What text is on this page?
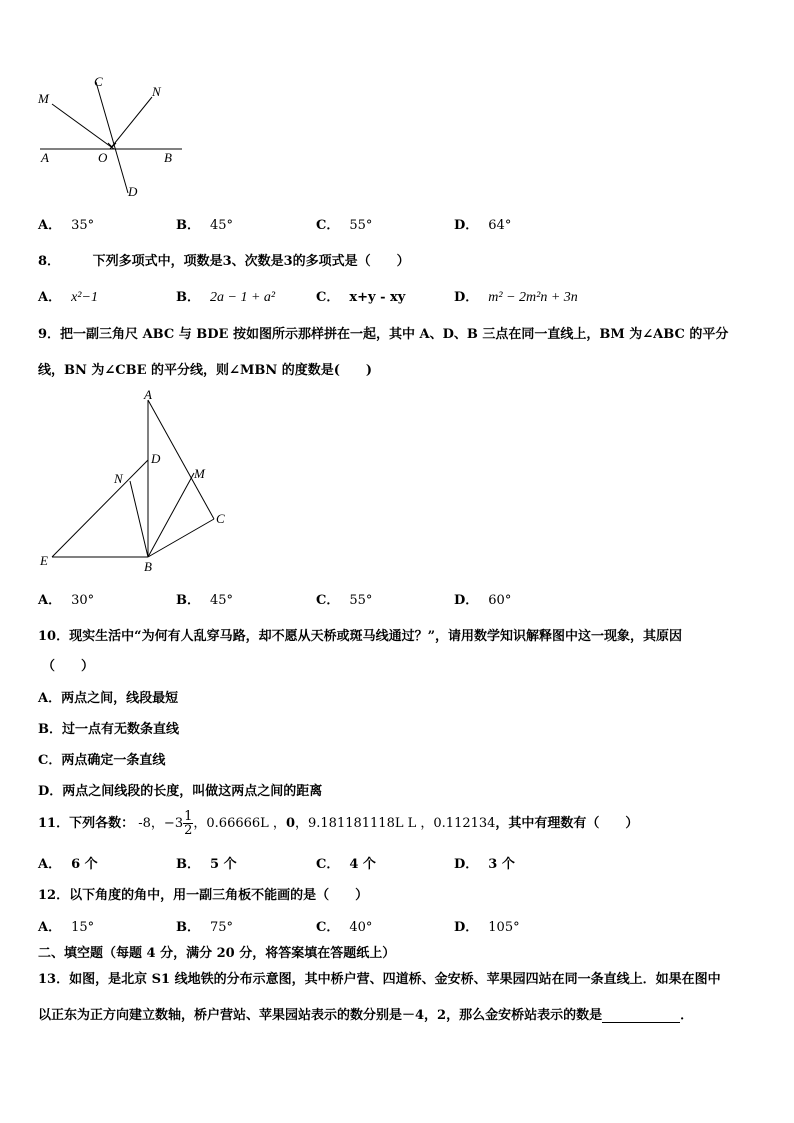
M
C
N
A	O	B
D
A． 35°	B． 45°	C． 55°	D． 64°
8．	下列多项式中，项数是3、次数是3的多项式是（　　）
A． x²−1	B． 2a − 1 + a²	C． x+y - xy	D． m² − 2m²n + 3n
9．把一副三角尺 ABC 与 BDE 按如图所示那样拼在一起，其中 A、D、B 三点在同一直线上，BM 为∠ABC 的平分
线，BN 为∠CBE 的平分线，则∠MBN 的度数是(　　)
A
D
N	M
C
E	B
A． 30°	B． 45°	C． 55°	D． 60°
10．现实生活中“为何有人乱穿马路，却不愿从天桥或斑马线通过？”，请用数学知识解释图中这一现象，其原因
（　　）
A．两点之间，线段最短
B．过一点有无数条直线
C．两点确定一条直线
D．两点之间线段的长度，叫做这两点之间的距离
11．下列各数： -8，$-3 \frac{1}{2}$ ，0.66666L ，0，9.181181118L L ，0.112134，其中有理数有（　　）
A． 6 个	B． 5 个	C． 4 个	D． 3 个
12．以下角度的角中，用一副三角板不能画的是（　　）
A． 15°	B． 75°	C． 40°	D． 105°
二、填空题（每题 4 分，满分 20 分，将答案填在答题纸上）
13．如图，是北京 S1 线地铁的分布示意图，其中桥户营、四道桥、金安桥、苹果园四站在同一条直线上．如果在图中
以正东为正方向建立数轴，桥户营站、苹果园站表示的数分别是－4，2，那么金安桥站表示的数是	．
